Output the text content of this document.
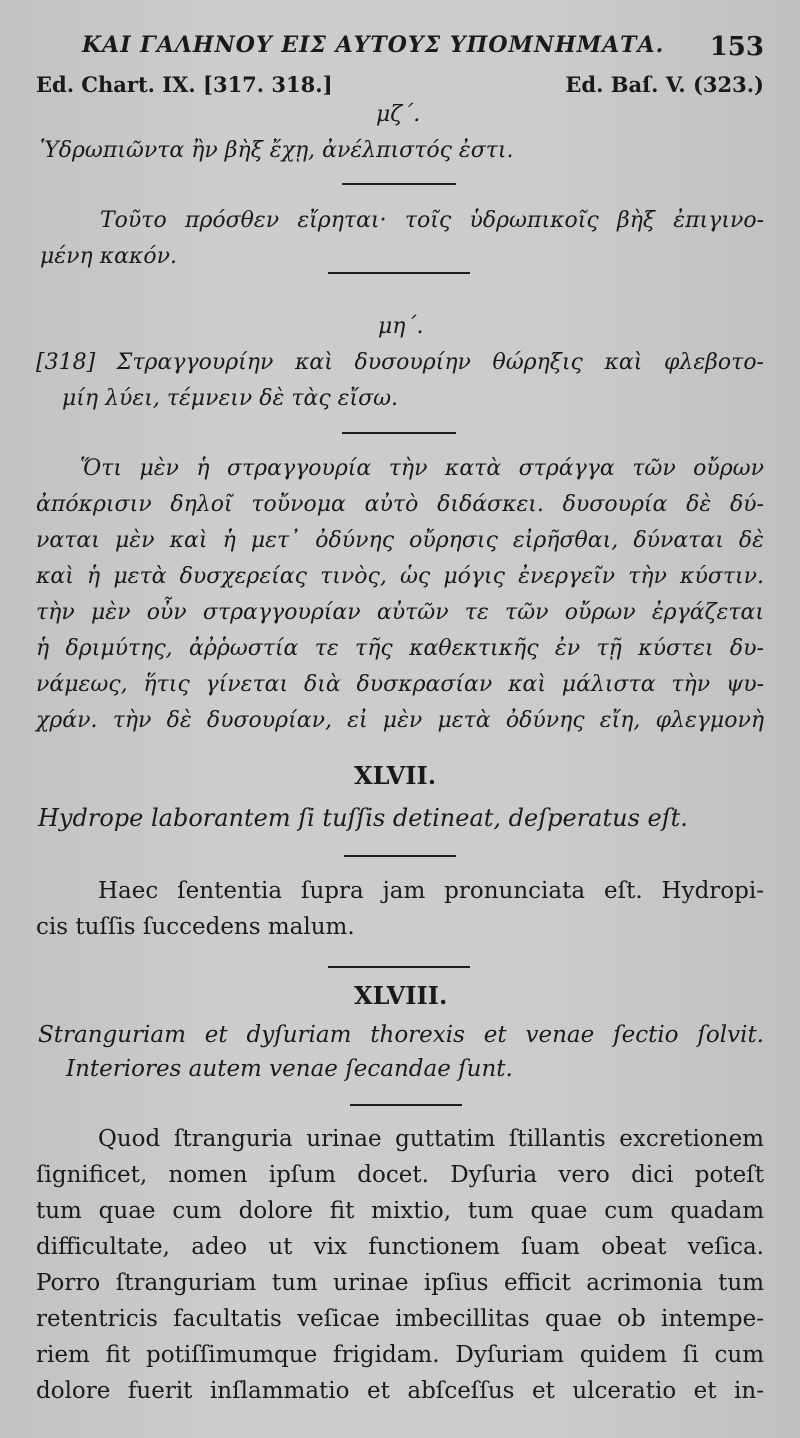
ΚΑΙ ΓΑΛΗΝΟΥ ΕΙΣ ΑΥΤΟΥΣ ΥΠΟΜΝΗΜΑΤΑ. 153
Ed. Chart. IX. [317. 318.]	Ed. Baſ. V. (323.)
μζ΄.
Ὑδρωπιῶντα ἢν βὴξ ἔχῃ, ἀνέλπιστός ἐστι.
Τοῦτο πρόσθεν εἴρηται· τοῖς ὑδρωπικοῖς βὴξ ἐπιγινο-
μένη κακόν.
μη΄.
[318] Στραγγουρίην καὶ δυσουρίην θώρηξις καὶ φλεβοτο-
μίη λύει, τέμνειν δὲ τὰς εἴσω.
Ὅτι μὲν ἡ στραγγουρία τὴν κατὰ στράγγα τῶν οὔρων
ἀπόκρισιν δηλοῖ τοὔνομα αὐτὸ διδάσκει. δυσουρία δὲ δύ-
ναται μὲν καὶ ἡ μετ᾽ ὀδύνης οὔρησις εἰρῆσθαι, δύναται δὲ
καὶ ἡ μετὰ δυσχερείας τινὸς, ὡς μόγις ἐνεργεῖν τὴν κύστιν.
τὴν μὲν οὖν στραγγουρίαν αὐτῶν τε τῶν οὔρων ἐργάζεται
ἡ δριμύτης, ἀῤῥωστία τε τῆς καθεκτικῆς ἐν τῇ κύστει δυ-
νάμεως, ἥτις γίνεται διὰ δυσκρασίαν καὶ μάλιστα τὴν ψυ-
χράν. τὴν δὲ δυσουρίαν, εἰ μὲν μετὰ ὀδύνης εἴη, φλεγμονὴ
XLVII.
Hydrope laborantem ſi tuſſis detineat, deſperatus eſt.
Haec ſententia ſupra jam pronunciata eſt. Hydropi-
cis tuſſis ſuccedens malum.
XLVIII.
Stranguriam et dyſuriam thorexis et venae ſectio ſolvit.
Interiores autem venae ſecandae ſunt.
Quod ſtranguria urinae guttatim ſtillantis excretionem
ſignificet, nomen ipſum docet. Dyſuria vero dici poteſt
tum quae cum dolore fit mixtio, tum quae cum quadam
difficultate, adeo ut vix functionem ſuam obeat veſica.
Porro ſtranguriam tum urinae ipſius efficit acrimonia tum
retentricis facultatis veſicae imbecillitas quae ob intempe-
riem fit potiſſimumque frigidam. Dyſuriam quidem ſi cum
dolore fuerit inſlammatio et abſceſſus et ulceratio et in-
